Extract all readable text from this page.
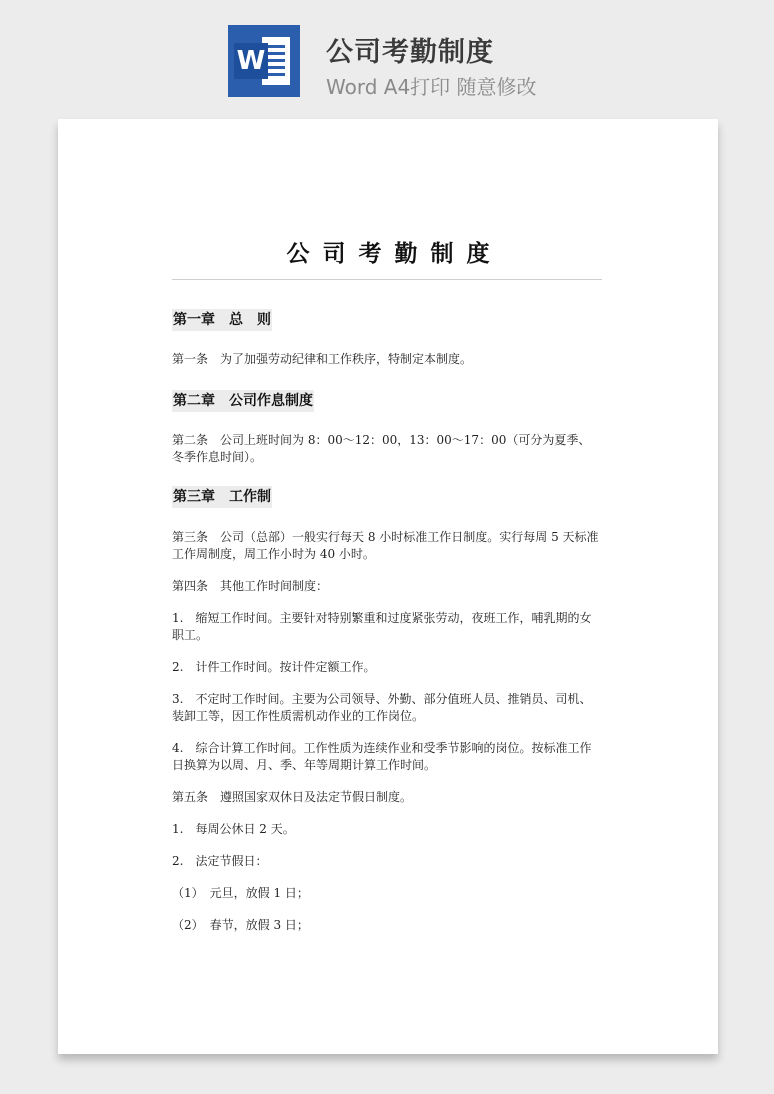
W 公司考勤制度
Word A4打印 随意修改
公司考勤制度
第一章　总　则
第一条　为了加强劳动纪律和工作秩序，特制定本制度。
第二章　公司作息制度
第二条　公司上班时间为 8：00～12：00，13：00～17：00（可分为夏季、冬季作息时间）。
第三章　工作制
第三条　公司（总部）一般实行每天 8 小时标准工作日制度。实行每周 5 天标准工作周制度，周工作小时为 40 小时。
第四条　其他工作时间制度：
1.　缩短工作时间。主要针对特别繁重和过度紧张劳动，夜班工作，哺乳期的女职工。
2.　计件工作时间。按计件定额工作。
3.　不定时工作时间。主要为公司领导、外勤、部分值班人员、推销员、司机、装卸工等，因工作性质需机动作业的工作岗位。
4.　综合计算工作时间。工作性质为连续作业和受季节影响的岗位。按标准工作日换算为以周、月、季、年等周期计算工作时间。
第五条　遵照国家双休日及法定节假日制度。
1.　每周公休日 2 天。
2.　法定节假日：
（1）　元旦，放假 1 日；
（2）　春节，放假 3 日；
